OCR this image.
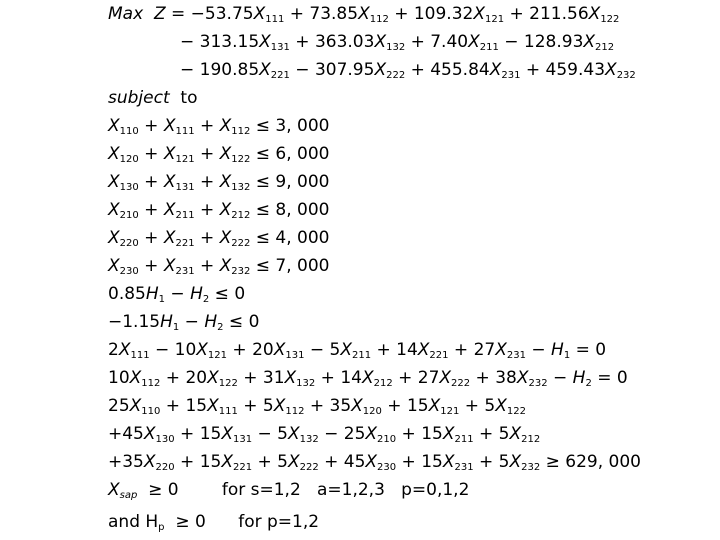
Max  $Z = -53.75X_{111} + 73.85X_{112} + 109.32X_{121} + 211.56X_{122}$
− $313.15X_{131} + 363.03X_{132} + 7.40X_{211} - 128.93X_{212}$
− $190.85X_{221} - 307.95X_{222} + 455.84X_{231} + 459.43X_{232}$
subject  to
$X_{110} + X_{111} + X_{112} \le 3$, 000
$X_{120} + X_{121} + X_{122} \le 6$, 000
$X_{130} + X_{131} + X_{132} \le 9$, 000
$X_{210} + X_{211} + X_{212} \le 8$, 000
$X_{220} + X_{221} + X_{222} \le 4$, 000
$X_{230} + X_{231} + X_{232} \le 7$, 000
$0.85H_1 - H_2 \le 0$
$-1.15H_1 - H_2 \le 0$
$2X_{111} - 10X_{121} + 20X_{131} - 5X_{211} + 14X_{221} + 27X_{231} - H_1 = 0$
$10X_{112} + 20X_{122} + 31X_{132} + 14X_{212} + 27X_{222} + 38X_{232} - H_2 = 0$
$25X_{110} + 15X_{111} + 5X_{112} + 35X_{120} + 15X_{121} + 5X_{122}$
$+45X_{130} + 15X_{131} - 5X_{132} - 25X_{210} + 15X_{211} + 5X_{212}$
$+35X_{220} + 15X_{221} + 5X_{222} + 45X_{230} + 15X_{231} + 5X_{232} \ge 629$, 000
$X_{sap} \ge 0$        for s=1,2   a=1,2,3   p=0,1,2
and $H_p \ge 0$      for p=1,2
